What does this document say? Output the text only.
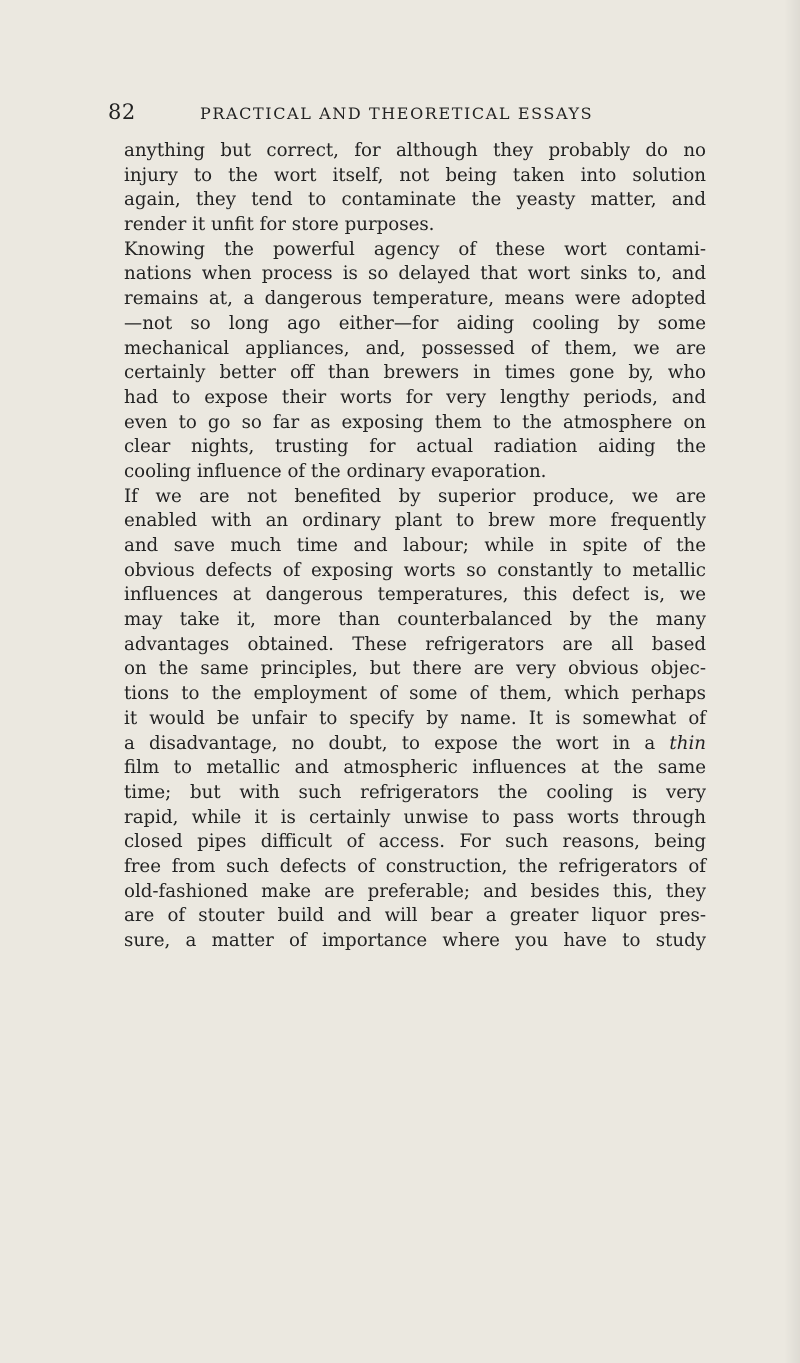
82	PRACTICAL AND THEORETICAL ESSAYS
anything but correct, for although they probably do no
injury to the wort itself, not being taken into solution
again, they tend to contaminate the yeasty matter, and
render it unfit for store purposes.
Knowing the powerful agency of these wort contami-
nations when process is so delayed that wort sinks to, and
remains at, a dangerous temperature, means were adopted
—not so long ago either—for aiding cooling by some
mechanical appliances, and, possessed of them, we are
certainly better off than brewers in times gone by, who
had to expose their worts for very lengthy periods, and
even to go so far as exposing them to the atmosphere on
clear nights, trusting for actual radiation aiding the
cooling influence of the ordinary evaporation.
If we are not benefited by superior produce, we are
enabled with an ordinary plant to brew more frequently
and save much time and labour; while in spite of the
obvious defects of exposing worts so constantly to metallic
influences at dangerous temperatures, this defect is, we
may take it, more than counterbalanced by the many
advantages obtained. These refrigerators are all based
on the same principles, but there are very obvious objec-
tions to the employment of some of them, which perhaps
it would be unfair to specify by name. It is somewhat of
a disadvantage, no doubt, to expose the wort in a thin
film to metallic and atmospheric influences at the same
time; but with such refrigerators the cooling is very
rapid, while it is certainly unwise to pass worts through
closed pipes difficult of access. For such reasons, being
free from such defects of construction, the refrigerators of
old-fashioned make are preferable; and besides this, they
are of stouter build and will bear a greater liquor pres-
sure, a matter of importance where you have to study
